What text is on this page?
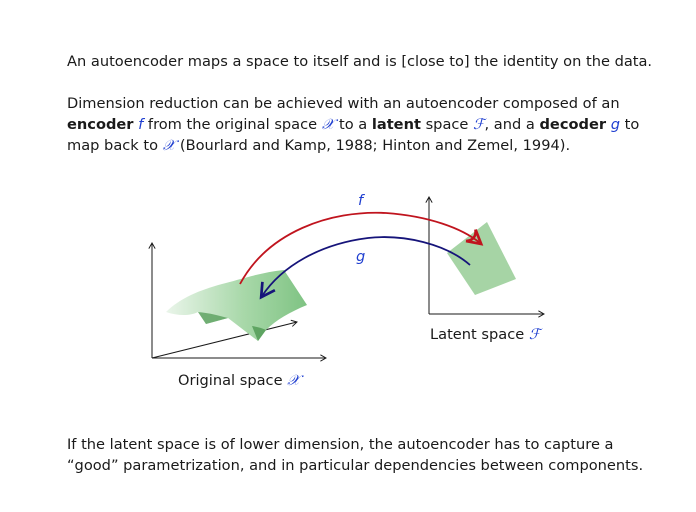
An autoencoder maps a space to itself and is [close to] the identity on the data.

Dimension reduction can be achieved with an autoencoder composed of an
encoder f from the original space 𝒳 to a latent space ℱ, and a decoder g to
map back to 𝒳 (Bourlard and Kamp, 1988; Hinton and Zemel, 1994).
f
g
Original space 𝒳
Latent space ℱ
If the latent space is of lower dimension, the autoencoder has to capture a
“good” parametrization, and in particular dependencies between components.
